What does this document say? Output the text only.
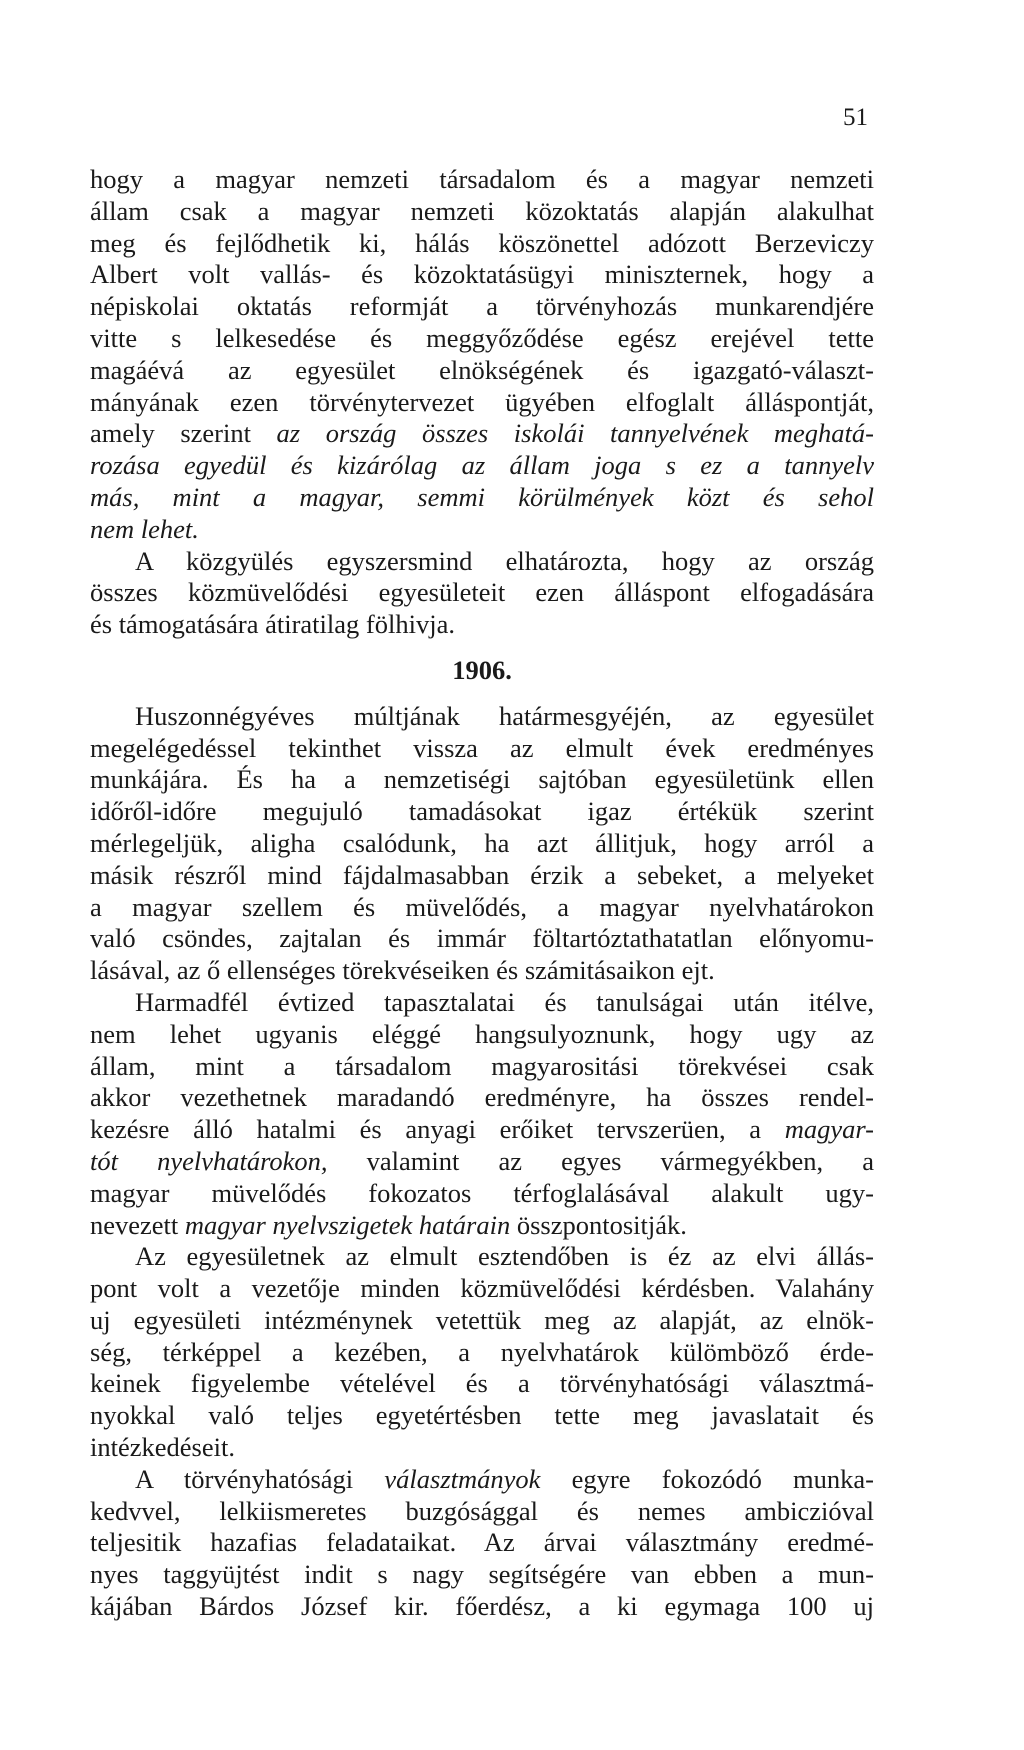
51
hogy a magyar nemzeti társadalom és a magyar nemzeti
állam csak a magyar nemzeti közoktatás alapján alakulhat
meg és fejlődhetik ki, hálás köszönettel adózott Berzeviczy
Albert volt vallás- és közoktatásügyi miniszternek, hogy a
népiskolai oktatás reformját a törvényhozás munkarendjére
vitte s lelkesedése és meggyőződése egész erejével tette
magáévá az egyesület elnökségének és igazgató-választ-
mányának ezen törvénytervezet ügyében elfoglalt álláspontját,
amely szerint az ország összes iskolái tannyelvének meghatá-
rozása egyedül és kizárólag az állam joga s ez a tannyelv
más, mint a magyar, semmi körülmények közt és sehol
nem lehet.
A közgyülés egyszersmind elhatározta, hogy az ország
összes közmüvelődési egyesületeit ezen álláspont elfogadására
és támogatására átiratilag fölhivja.
1906.
Huszonnégyéves múltjának határmesgyéjén, az egyesület
megelégedéssel tekinthet vissza az elmult évek eredményes
munkájára. És ha a nemzetiségi sajtóban egyesületünk ellen
időről-időre megujuló tamadásokat igaz értékük szerint
mérlegeljük, aligha csalódunk, ha azt állitjuk, hogy arról a
másik részről mind fájdalmasabban érzik a sebeket, a melyeket
a magyar szellem és müvelődés, a magyar nyelvhatárokon
való csöndes, zajtalan és immár föltartóztathatatlan előnyomu-
lásával, az ő ellenséges törekvéseiken és számitásaikon ejt.
Harmadfél évtized tapasztalatai és tanulságai után itélve,
nem lehet ugyanis eléggé hangsulyoznunk, hogy ugy az
állam, mint a társadalom magyarositási törekvései csak
akkor vezethetnek maradandó eredményre, ha összes rendel-
kezésre álló hatalmi és anyagi erőiket tervszerüen, a magyar-
tót nyelvhatárokon, valamint az egyes vármegyékben, a
magyar müvelődés fokozatos térfoglalásával alakult ugy-
nevezett magyar nyelvszigetek határain összpontositják.
Az egyesületnek az elmult esztendőben is éz az elvi állás-
pont volt a vezetője minden közmüvelődési kérdésben. Valahány
uj egyesületi intézménynek vetettük meg az alapját, az elnök-
ség, térképpel a kezében, a nyelvhatárok külömböző érde-
keinek figyelembe vételével és a törvényhatósági választmá-
nyokkal való teljes egyetértésben tette meg javaslatait és
intézkedéseit.
A törvényhatósági választmányok egyre fokozódó munka-
kedvvel, lelkiismeretes buzgósággal és nemes ambiczióval
teljesitik hazafias feladataikat. Az árvai választmány eredmé-
nyes taggyüjtést indit s nagy segítségére van ebben a mun-
kájában Bárdos József kir. főerdész, a ki egymaga 100 uj
